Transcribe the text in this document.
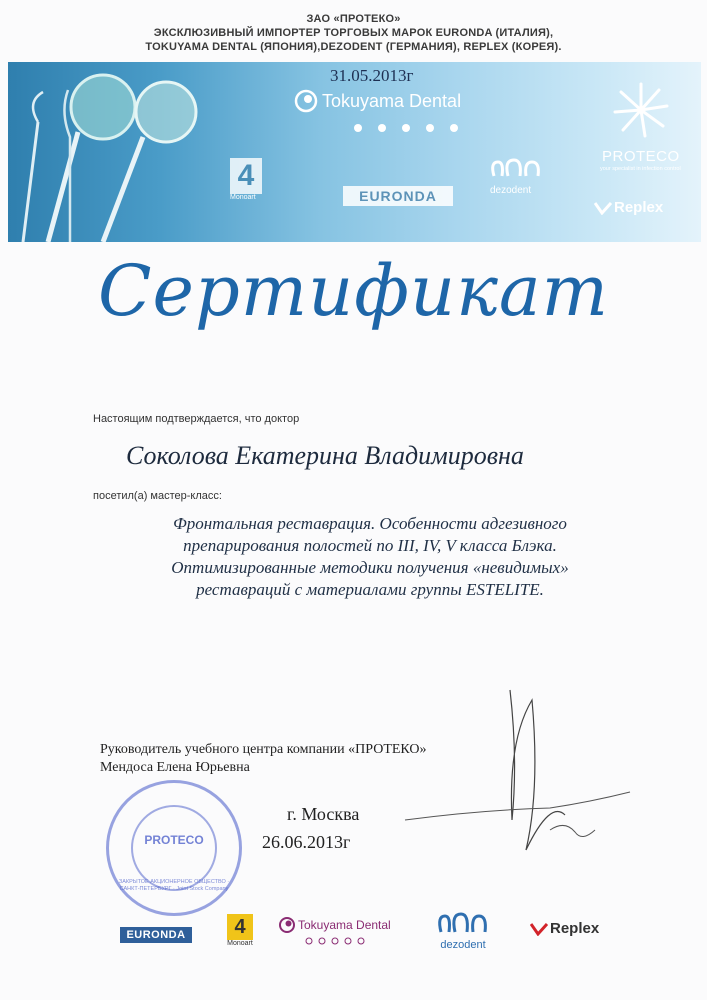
ЗАО «ПРОТЕКО»
ЭКСКЛЮЗИВНЫЙ ИМПОРТЕР ТОРГОВЫХ МАРОК EURONDA (ИТАЛИЯ),
TOKUYAMA DENTAL (ЯПОНИЯ),DEZODENT (ГЕРМАНИЯ), REPLEX (КОРЕЯ).
Tokuyama Dental
PROTECO
your specialist in infection control
4
Monoart	EURONDA	dezodent
Replex
31.05.2013г
Сертификат
Настоящим подтверждается, что доктор
Соколова Екатерина Владимировна
посетил(а) мастер-класс:
Фронтальная реставрация. Особенности адгезивного
препарирования полостей по III, IV, V класса Блэка.
Оптимизированные методики получения «невидимых»
реставраций с материалами группы ESTELITE.
Руководитель учебного центра компании «ПРОТЕКО»
Мендоса Елена Юрьевна
г. Москва
26.06.2013г
PROTECO
ЗАКРЫТОЕ АКЦИОНЕРНОЕ ОБЩЕСТВО · САНКТ-ПЕТЕРБУРГ · Joint Stock Company
EURONDA	4
Monoart
Tokuyama Dental
dezodent
Replex
